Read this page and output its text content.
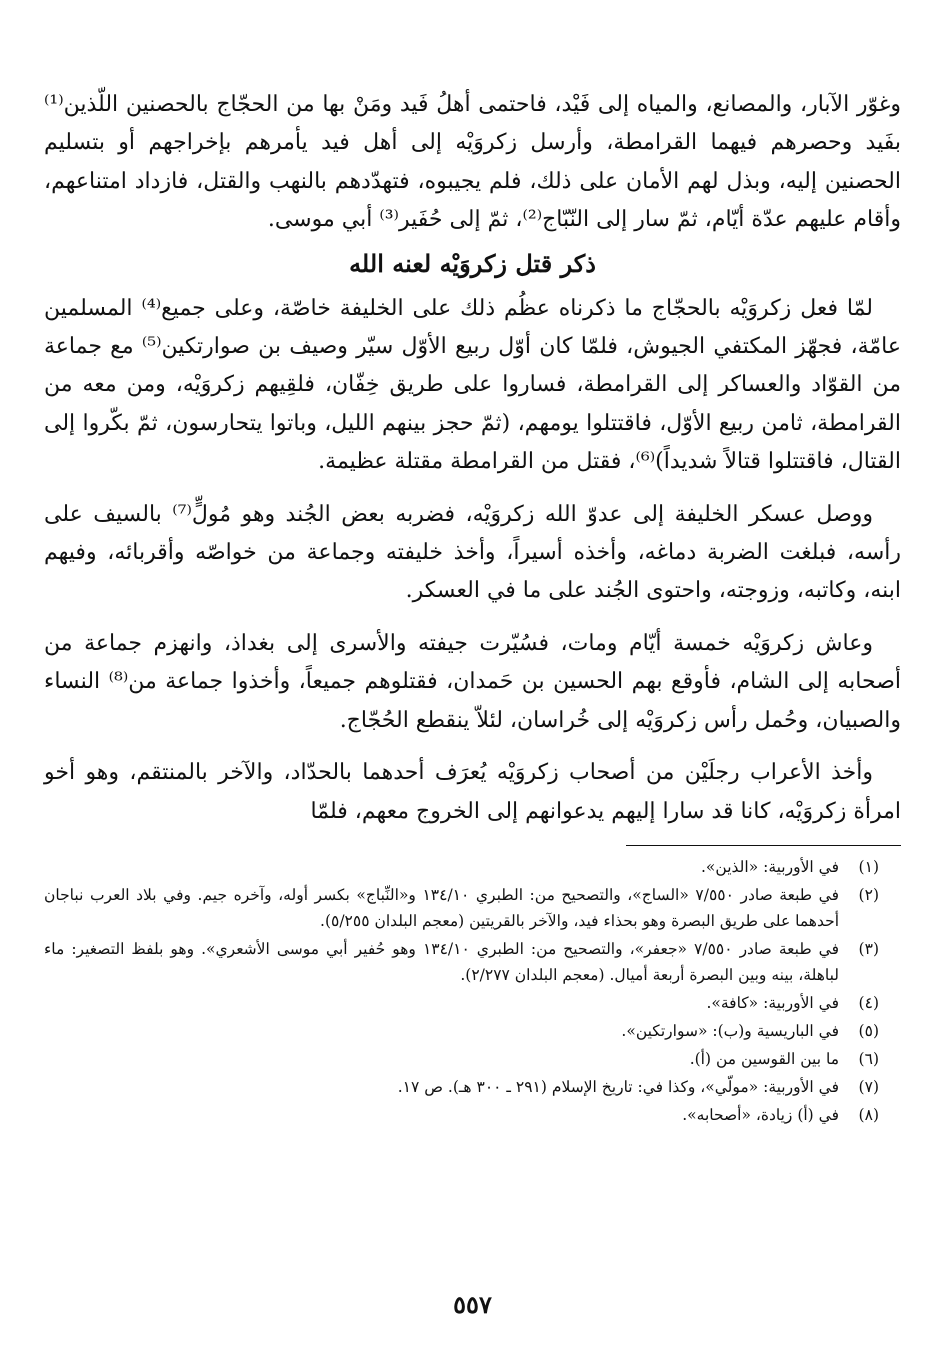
وغوّر الآبار، والمصانع، والمياه إلى فَيْد، فاحتمى أهلُ فَيد ومَنْ بها من الحجّاج بالحصنين اللّذين⁽¹⁾ بفَيد وحصرهم فيهما القرامطة، وأرسل زكروَيْه إلى أهل فيد يأمرهم بإخراجهم أو بتسليم الحصنين إليه، وبذل لهم الأمان على ذلك، فلم يجيبوه، فتهدّدهم بالنهب والقتل، فازداد امتناعهم، وأقام عليهم عدّة أيّام، ثمّ سار إلى النّبّاج⁽²⁾، ثمّ إلى حُفَير⁽³⁾ أبي موسى.

ذكر قتل زكروَيْه لعنه الله

لمّا فعل زكروَيْه بالحجّاج ما ذكرناه عظُم ذلك على الخليفة خاصّة، وعلى جميع⁽⁴⁾ المسلمين عامّة، فجهّز المكتفي الجيوش، فلمّا كان أوّل ربيع الأوّل سيّر وصيف بن صوارتكين⁽⁵⁾ مع جماعة من القوّاد والعساكر إلى القرامطة، فساروا على طريق خِفّان، فلقِيهم زكروَيْه، ومن معه من القرامطة، ثامن ربيع الأوّل، فاقتتلوا يومهم، (ثمّ حجز بينهم الليل، وباتوا يتحارسون، ثمّ بكّروا إلى القتال، فاقتتلوا قتالاً شديداً)⁽⁶⁾، فقتل من القرامطة مقتلة عظيمة.

ووصل عسكر الخليفة إلى عدوّ الله زكروَيْه، فضربه بعض الجُند وهو مُولٍّ⁽⁷⁾ بالسيف على رأسه، فبلغت الضربة دماغه، وأخذه أسيراً، وأخذ خليفته وجماعة من خواصّه وأقربائه، وفيهم ابنه، وكاتبه، وزوجته، واحتوى الجُند على ما في العسكر.

وعاش زكروَيْه خمسة أيّام ومات، فسُيّرت جيفته والأسرى إلى بغداذ، وانهزم جماعة من أصحابه إلى الشام، فأوقع بهم الحسين بن حَمدان، فقتلوهم جميعاً، وأخذوا جماعة من⁽⁸⁾ النساء والصبيان، وحُمل رأس زكروَيْه إلى خُراسان، لئلاّ ينقطع الحُجّاج.

وأخذ الأعراب رجلَيْن من أصحاب زكروَيْه يُعرَف أحدهما بالحدّاد، والآخر بالمنتقم، وهو أخو امرأة زكروَيْه، كانا قد سارا إليهم يدعوانهم إلى الخروج معهم، فلمّا

(١)
في الأوربية: «الذين».
(٢)
في طبعة صادر ٧/٥٥٠ «الساج»، والتصحيح من: الطبري ١٣٤/١٠ و«النِّباج» بكسر أوله، وآخره جيم. وفي بلاد العرب نباجان أحدهما على طريق البصرة وهو بحذاء فيد، والآخر بالقريتين (معجم البلدان ٥/٢٥٥).
(٣)
في طبعة صادر ٧/٥٥٠ «جعفر»، والتصحيح من: الطبري ١٣٤/١٠ وهو حُفير أبي موسى الأشعري». وهو بلفظ التصغير: ماء لباهلة، بينه وبين البصرة أربعة أميال. (معجم البلدان ٢/٢٧٧).
(٤)
في الأوربية: «كافة».
(٥)
في الباريسية و(ب): «سوارتكين».
(٦)
ما بين القوسين من (أ).
(٧)
في الأوربية: «مولّي»، وكذا في: تاريخ الإسلام (٢٩١ ـ ٣٠٠ هـ). ص ١٧.
(٨)
في (أ) زيادة، «أصحابه».
٥٥٧
